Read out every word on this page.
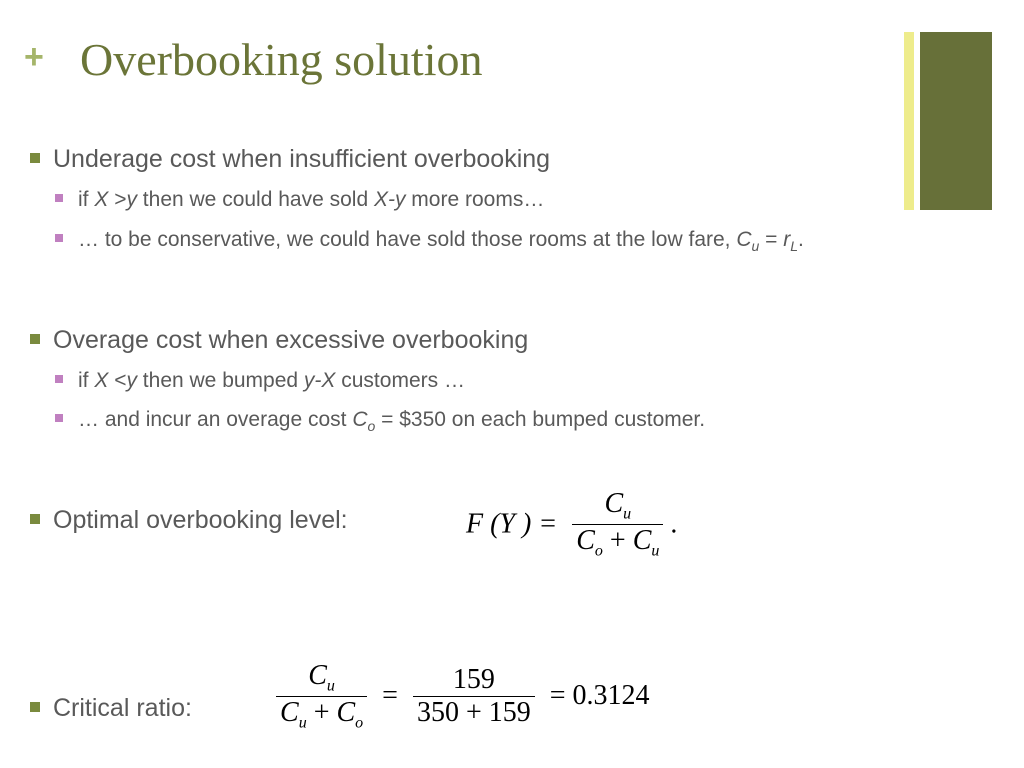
+ Overbooking solution
Underage cost when insufficient overbooking
if X >y then we could have sold X-y more rooms…
… to be conservative, we could have sold those rooms at the low fare, $C_u = r_L$.
Overage cost when excessive overbooking
if X <y then we bumped y-X customers …
… and incur an overage cost $C_o$ = $350 on each bumped customer.
Optimal overbooking level:	F (Y ) = $\frac{C_u}{C_o + C_u}$ .
Critical ratio:	$\frac{C_u}{C_u + C_o} = \frac{159}{350 + 159} = 0.3124$
